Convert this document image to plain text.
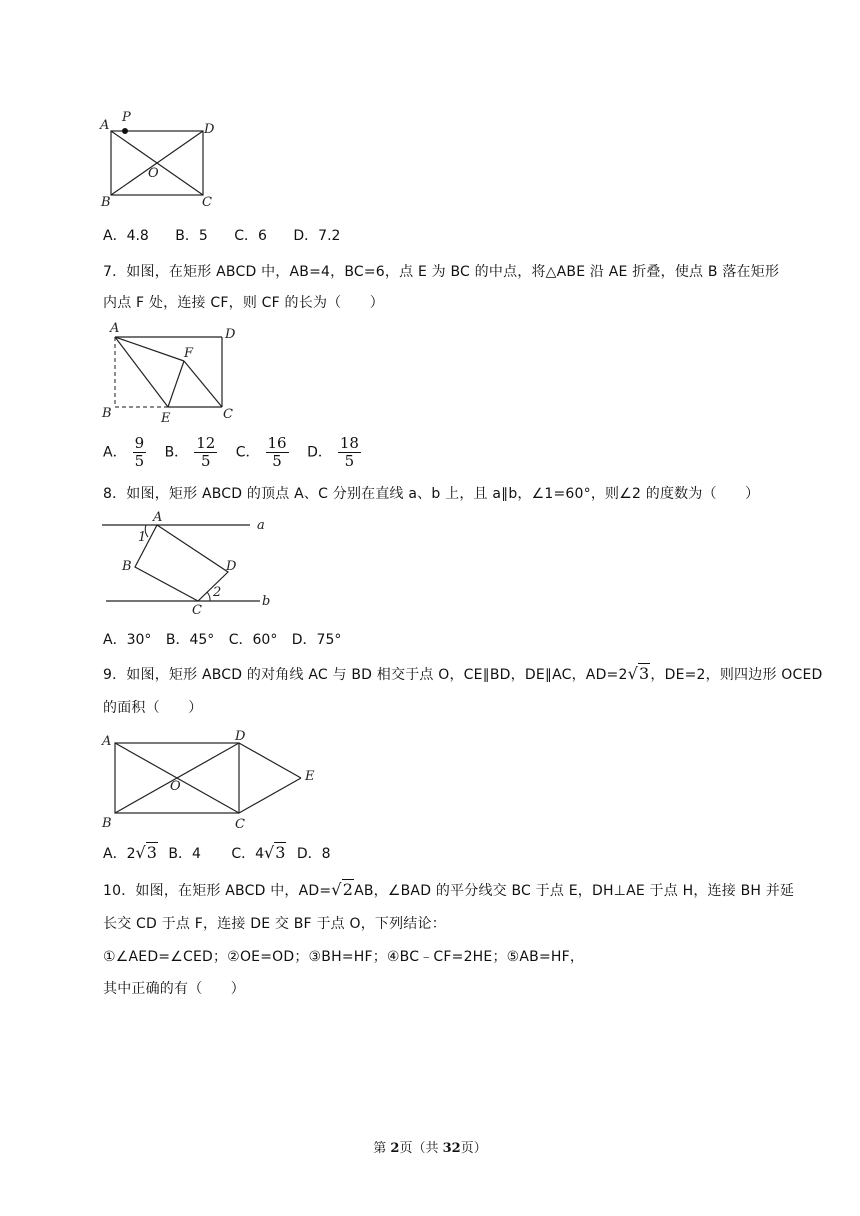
A
P
D
O
B	C
A．4.8 B．5 C．6 D．7.2
7．如图，在矩形 ABCD 中，AB=4，BC=6，点 E 为 BC 的中点，将△ABE 沿 AE 折叠，使点 B 落在矩形
内点 F 处，连接 CF，则 CF 的长为（　　）
A	D
F
B	E	C
A． $\frac{9}{5}$ B． $\frac{12}{5}$ C． $\frac{16}{5}$ D． $\frac{18}{5}$
8．如图，矩形 ABCD 的顶点 A、C 分别在直线 a、b 上，且 a∥b，∠1=60°，则∠2 的度数为（　　）
A
a
1
B	D
2
C
b
A．30° B．45° C．60° D．75°
9．如图，矩形 ABCD 的对角线 AC 与 BD 相交于点 O，CE∥BD，DE∥AC，AD=2√3，DE=2，则四边形 OCED
的面积（　　）
A	D
O
E
B	C
A．2√3 B．4 C．4√3 D．8
10．如图，在矩形 ABCD 中，AD=√2AB，∠BAD 的平分线交 BC 于点 E，DH⊥AE 于点 H，连接 BH 并延
长交 CD 于点 F，连接 DE 交 BF 于点 O，下列结论：
①∠AED=∠CED；②OE=OD；③BH=HF；④BC﹣CF=2HE；⑤AB=HF，
其中正确的有（　　）
第 2页（共 32页）
